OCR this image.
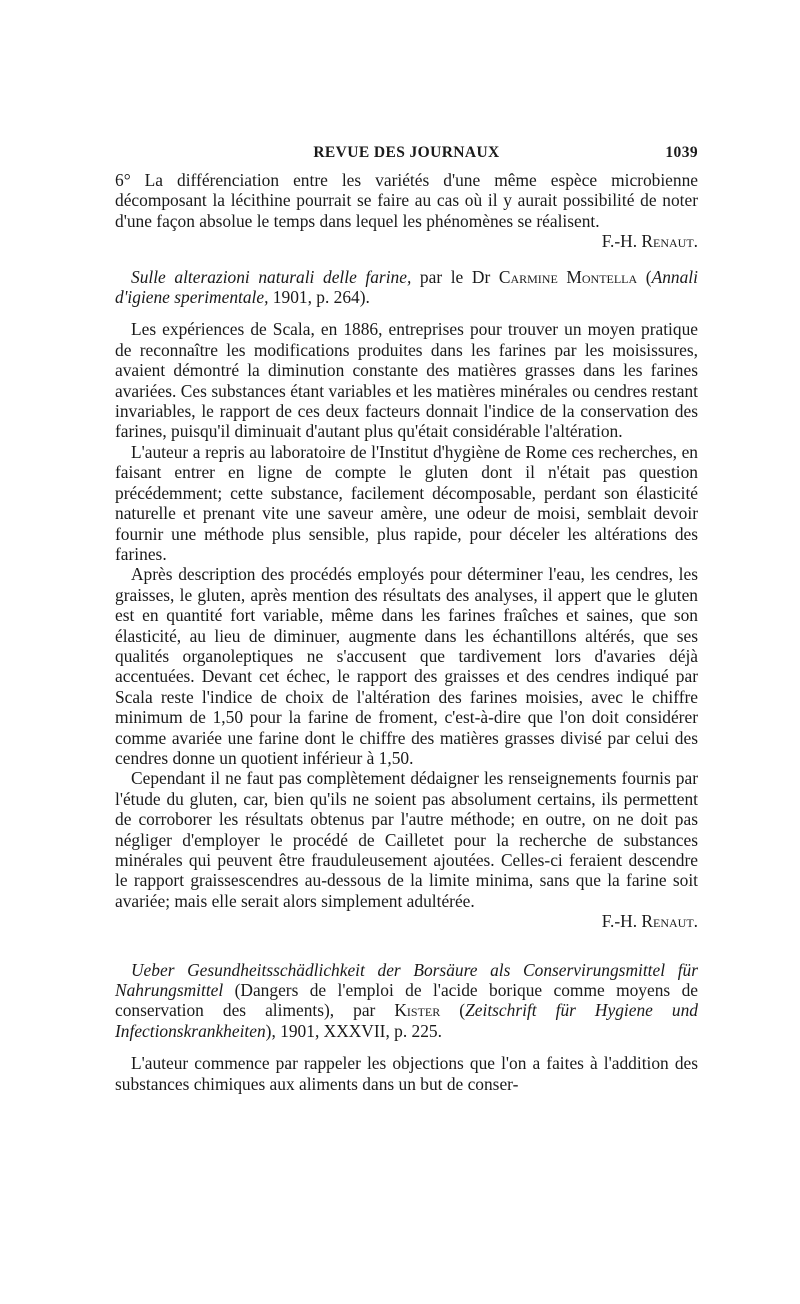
REVUE DES JOURNAUX	1039

6° La différenciation entre les variétés d'une même espèce microbienne décomposant la lécithine pourrait se faire au cas où il y aurait possibilité de noter d'une façon absolue le temps dans lequel les phénomènes se réalisent.
F.-H. Renaut.

Sulle alterazioni naturali delle farine, par le Dr Carmine Montella (Annali d'igiene sperimentale, 1901, p. 264).

Les expériences de Scala, en 1886, entreprises pour trouver un moyen pratique de reconnaître les modifications produites dans les farines par les moisissures, avaient démontré la diminution constante des matières grasses dans les farines avariées. Ces substances étant variables et les matières minérales ou cendres restant invariables, le rapport de ces deux facteurs donnait l'indice de la conservation des farines, puisqu'il diminuait d'autant plus qu'était considérable l'altération.

L'auteur a repris au laboratoire de l'Institut d'hygiène de Rome ces recherches, en faisant entrer en ligne de compte le gluten dont il n'était pas question précédemment; cette substance, facilement décomposable, perdant son élasticité naturelle et prenant vite une saveur amère, une odeur de moisi, semblait devoir fournir une méthode plus sensible, plus rapide, pour déceler les altérations des farines.

Après description des procédés employés pour déterminer l'eau, les cendres, les graisses, le gluten, après mention des résultats des analyses, il appert que le gluten est en quantité fort variable, même dans les farines fraîches et saines, que son élasticité, au lieu de diminuer, augmente dans les échantillons altérés, que ses qualités organoleptiques ne s'accusent que tardivement lors d'avaries déjà accentuées. Devant cet échec, le rapport des graisses et des cendres indiqué par Scala reste l'indice de choix de l'altération des farines moisies, avec le chiffre minimum de 1,50 pour la farine de froment, c'est-à-dire que l'on doit considérer comme avariée une farine dont le chiffre des matières grasses divisé par celui des cendres donne un quotient inférieur à 1,50.

Cependant il ne faut pas complètement dédaigner les renseignements fournis par l'étude du gluten, car, bien qu'ils ne soient pas absolument certains, ils permettent de corroborer les résultats obtenus par l'autre méthode; en outre, on ne doit pas négliger d'employer le procédé de Cailletet pour la recherche de substances minérales qui peuvent être frauduleusement ajoutées. Celles-ci feraient descendre le rapport graissescendres au-dessous de la limite minima, sans que la farine soit avariée; mais elle serait alors simplement adultérée.
F.-H. Renaut.

Ueber Gesundheitsschädlichkeit der Borsäure als Conservirungsmittel für Nahrungsmittel (Dangers de l'emploi de l'acide borique comme moyens de conservation des aliments), par Kister (Zeitschrift für Hygiene und Infectionskrankheiten), 1901, XXXVII, p. 225.

L'auteur commence par rappeler les objections que l'on a faites à l'addition des substances chimiques aux aliments dans un but de conser-
